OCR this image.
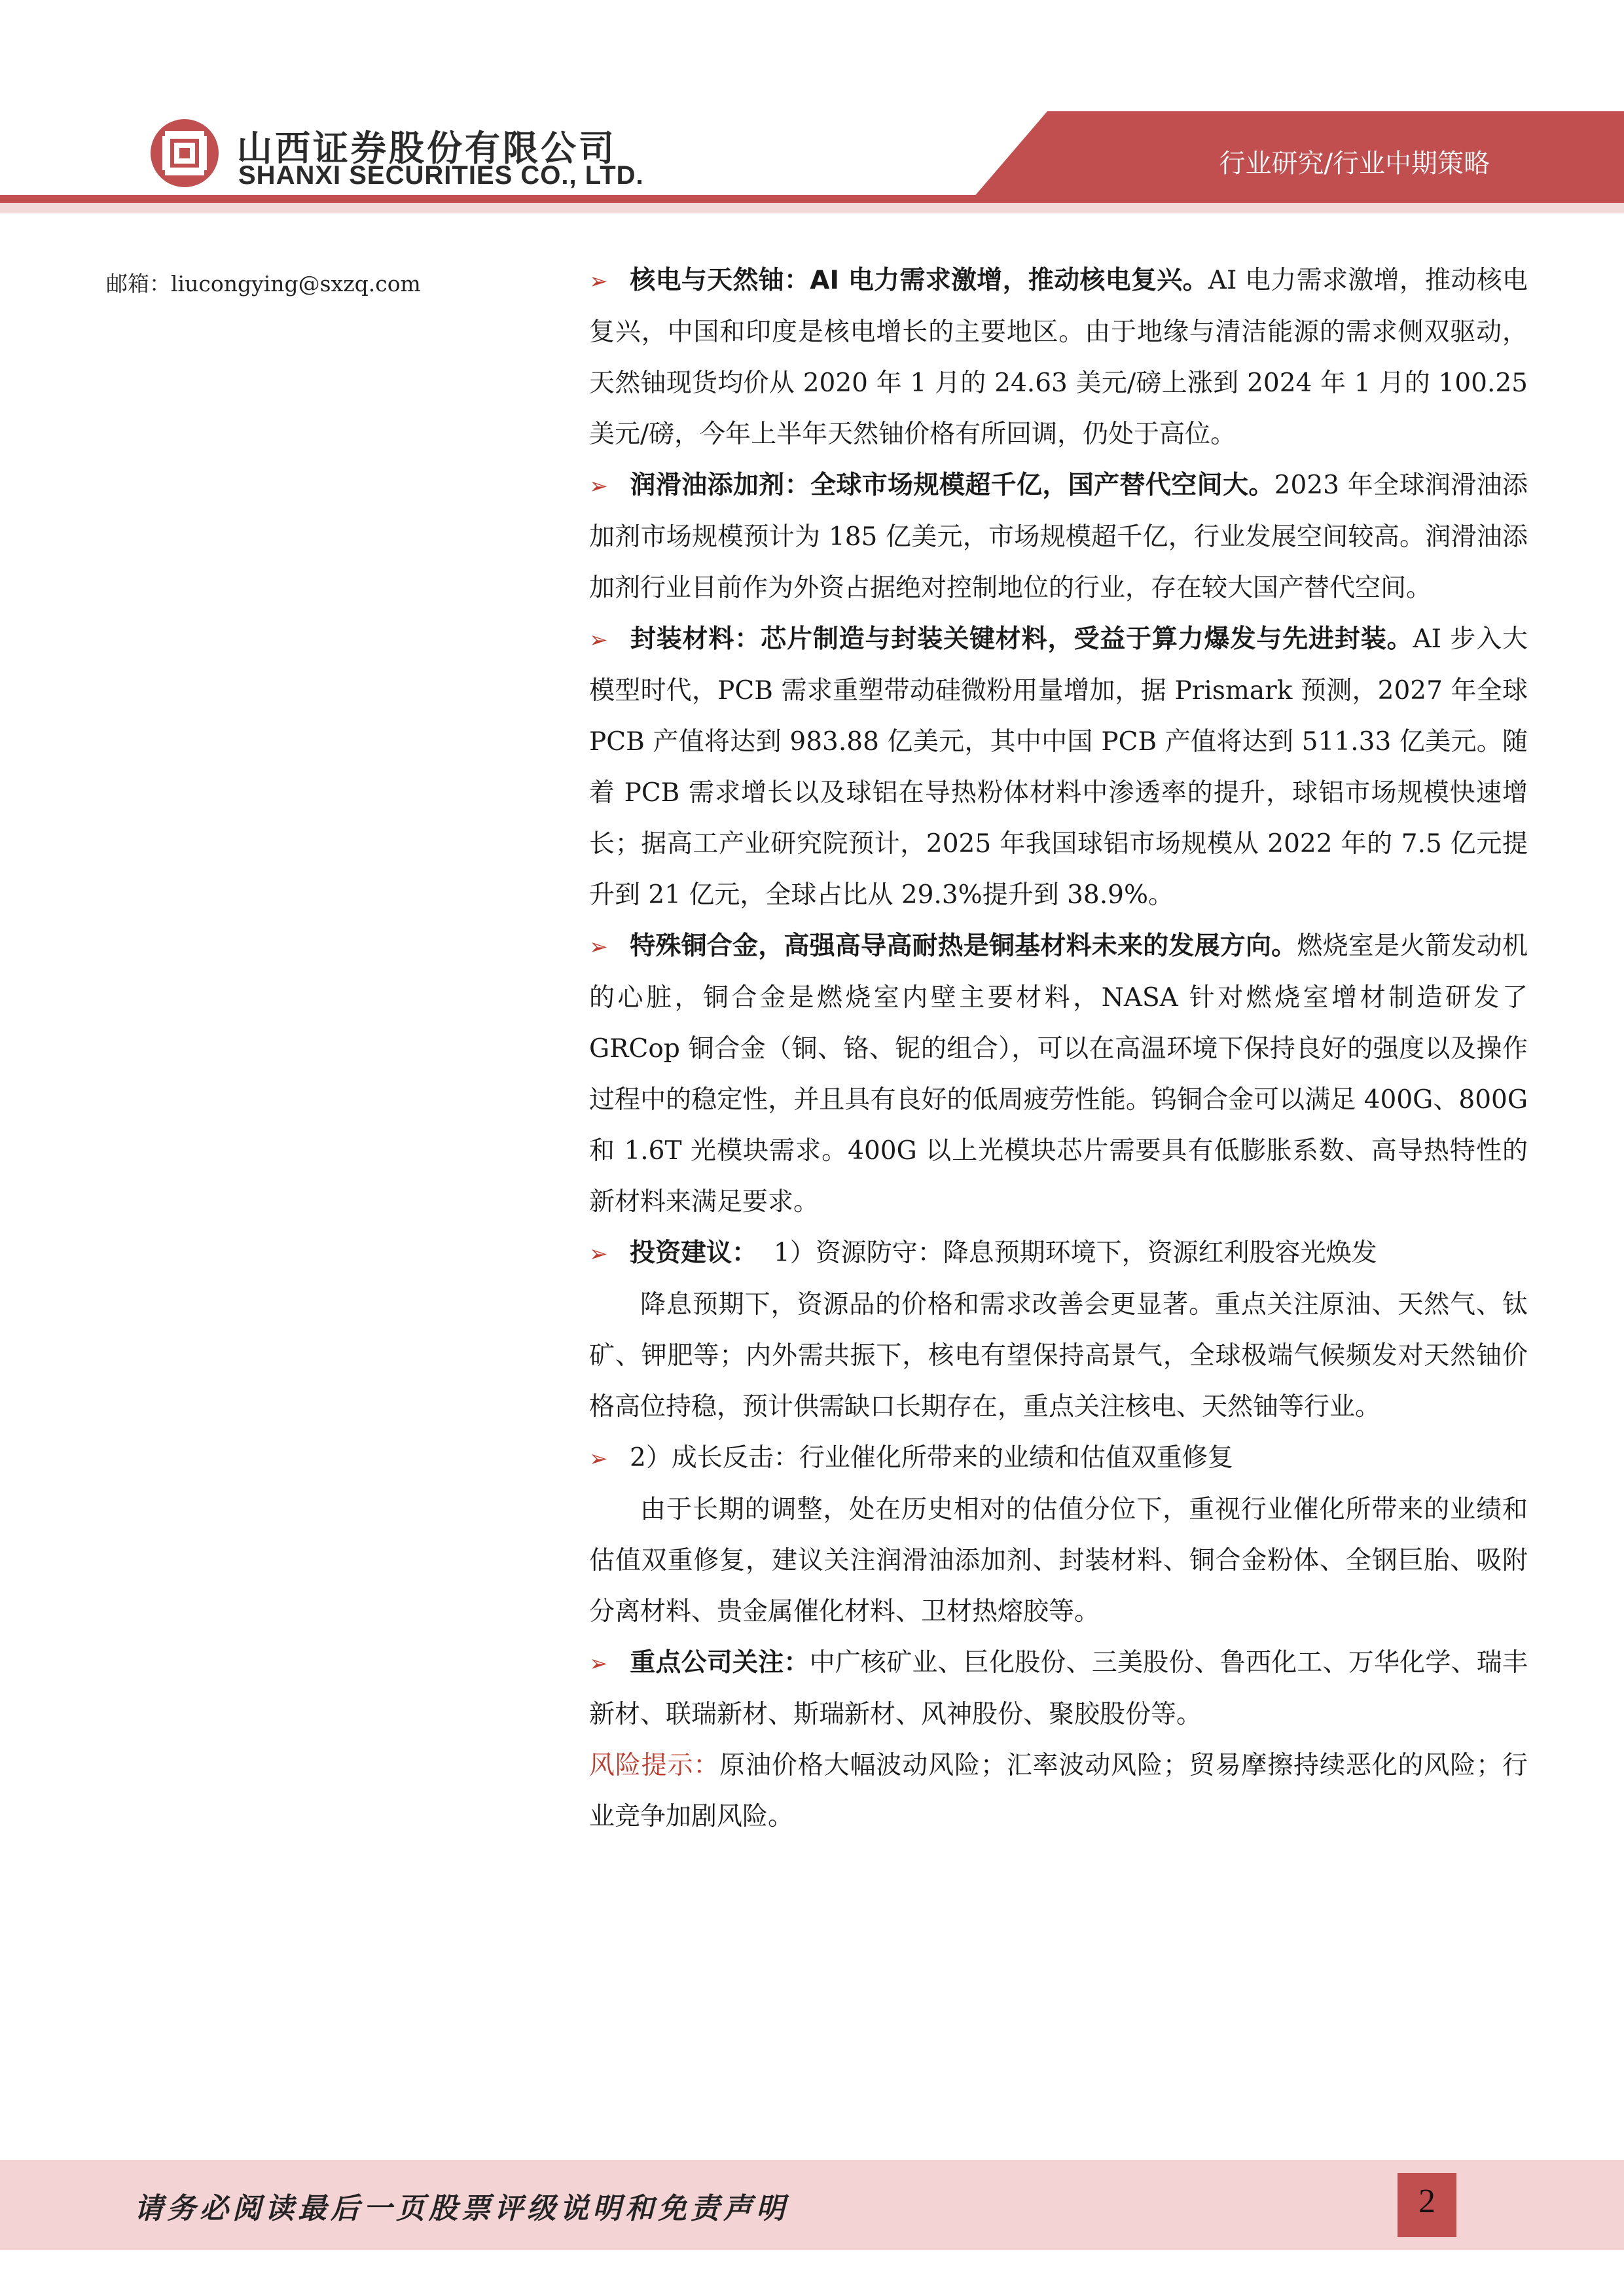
山西证券股份有限公司
SHANXI SECURITIES CO., LTD.	行业研究/行业中期策略
邮箱：liucongying@sxzq.com	➢ 核电与天然铀：AI 电力需求激增，推动核电复兴。AI 电力需求激增，推动核电复兴，中国和印度是核电增长的主要地区。由于地缘与清洁能源的需求侧双驱动，天然铀现货均价从 2020 年 1 月的 24.63 美元/磅上涨到 2024 年 1 月的 100.25 美元/磅，今年上半年天然铀价格有所回调，仍处于高位。

➢ 润滑油添加剂：全球市场规模超千亿，国产替代空间大。2023 年全球润滑油添加剂市场规模预计为 185 亿美元，市场规模超千亿，行业发展空间较高。润滑油添加剂行业目前作为外资占据绝对控制地位的行业，存在较大国产替代空间。

➢ 封装材料：芯片制造与封装关键材料，受益于算力爆发与先进封装。AI 步入大模型时代，PCB 需求重塑带动硅微粉用量增加，据 Prismark 预测，2027 年全球 PCB 产值将达到 983.88 亿美元，其中中国 PCB 产值将达到 511.33 亿美元。随着 PCB 需求增长以及球铝在导热粉体材料中渗透率的提升，球铝市场规模快速增长；据高工产业研究院预计，2025 年我国球铝市场规模从 2022 年的 7.5 亿元提升到 21 亿元，全球占比从 29.3%提升到 38.9%。

➢ 特殊铜合金，高强高导高耐热是铜基材料未来的发展方向。燃烧室是火箭发动机的心脏，铜合金是燃烧室内壁主要材料，NASA 针对燃烧室增材制造研发了 GRCop 铜合金（铜、铬、铌的组合），可以在高温环境下保持良好的强度以及操作过程中的稳定性，并且具有良好的低周疲劳性能。钨铜合金可以满足 400G、800G 和 1.6T 光模块需求。400G 以上光模块芯片需要具有低膨胀系数、高导热特性的新材料来满足要求。

➢ 投资建议： 1）资源防守：降息预期环境下，资源红利股容光焕发

降息预期下，资源品的价格和需求改善会更显著。重点关注原油、天然气、钛矿、钾肥等；内外需共振下，核电有望保持高景气，全球极端气候频发对天然铀价格高位持稳，预计供需缺口长期存在，重点关注核电、天然铀等行业。

➢ 2）成长反击：行业催化所带来的业绩和估值双重修复

由于长期的调整，处在历史相对的估值分位下，重视行业催化所带来的业绩和估值双重修复，建议关注润滑油添加剂、封装材料、铜合金粉体、全钢巨胎、吸附分离材料、贵金属催化材料、卫材热熔胶等。

➢ 重点公司关注：中广核矿业、巨化股份、三美股份、鲁西化工、万华化学、瑞丰新材、联瑞新材、斯瑞新材、风神股份、聚胶股份等。

风险提示：原油价格大幅波动风险；汇率波动风险；贸易摩擦持续恶化的风险；行业竞争加剧风险。

请务必阅读最后一页股票评级说明和免责声明	2
